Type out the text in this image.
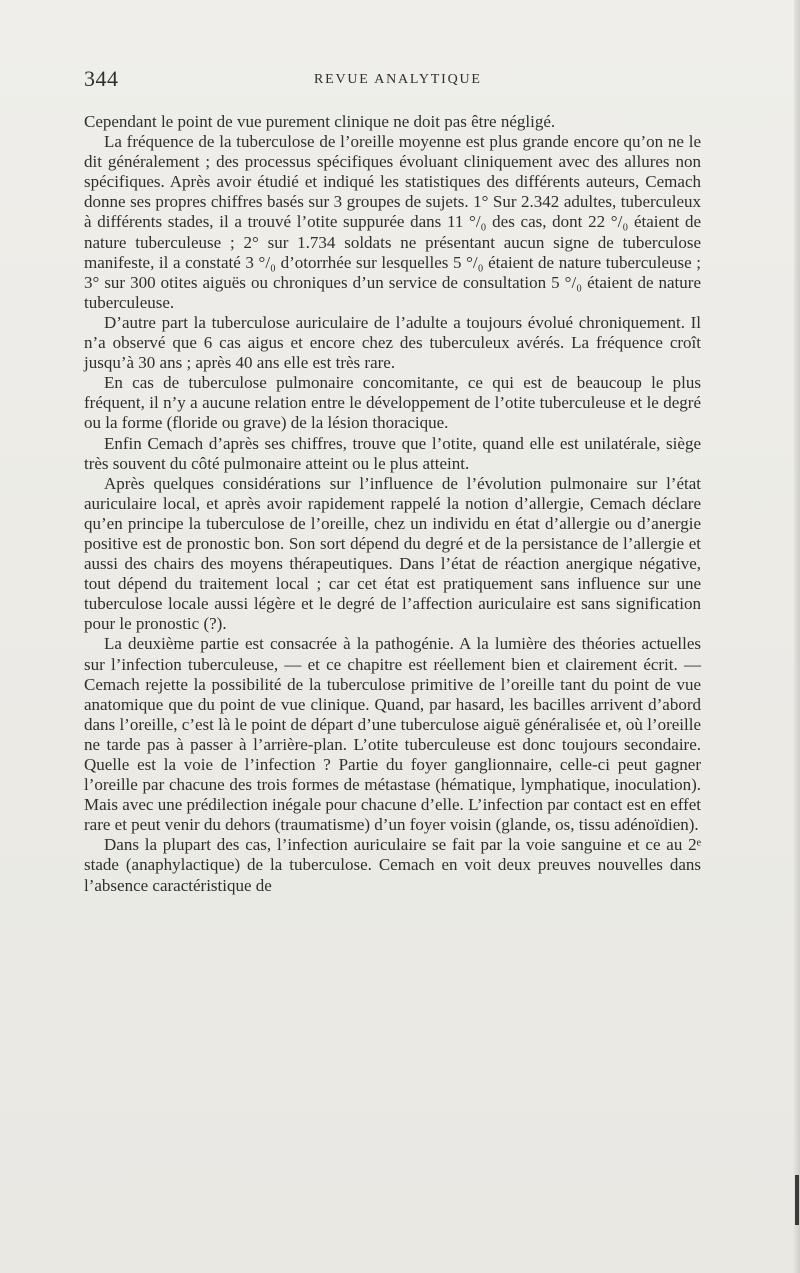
344	REVUE ANALYTIQUE

Cependant le point de vue purement clinique ne doit pas être négligé.

La fréquence de la tuberculose de l’oreille moyenne est plus grande encore qu’on ne le dit généralement ; des processus spécifiques évoluant cliniquement avec des allures non spécifiques. Après avoir étudié et indiqué les statistiques des différents auteurs, Cemach donne ses propres chiffres basés sur 3 groupes de sujets. 1° Sur 2.342 adultes, tuberculeux à différents stades, il a trouvé l’otite suppurée dans 11 °/₀ des cas, dont 22 °/₀ étaient de nature tuberculeuse ; 2° sur 1.734 soldats ne présentant aucun signe de tuberculose manifeste, il a constaté 3 °/₀ d’otorrhée sur lesquelles 5 °/₀ étaient de nature tuberculeuse ; 3° sur 300 otites aiguës ou chroniques d’un service de consultation 5 °/₀ étaient de nature tuberculeuse.

D’autre part la tuberculose auriculaire de l’adulte a toujours évolué chroniquement. Il n’a observé que 6 cas aigus et encore chez des tuberculeux avérés. La fréquence croît jusqu’à 30 ans ; après 40 ans elle est très rare.

En cas de tuberculose pulmonaire concomitante, ce qui est de beaucoup le plus fréquent, il n’y a aucune relation entre le développement de l’otite tuberculeuse et le degré ou la forme (floride ou grave) de la lésion thoracique.

Enfin Cemach d’après ses chiffres, trouve que l’otite, quand elle est unilatérale, siège très souvent du côté pulmonaire atteint ou le plus atteint.

Après quelques considérations sur l’influence de l’évolution pulmonaire sur l’état auriculaire local, et après avoir rapidement rappelé la notion d’allergie, Cemach déclare qu’en principe la tuberculose de l’oreille, chez un individu en état d’allergie ou d’anergie positive est de pronostic bon. Son sort dépend du degré et de la persistance de l’allergie et aussi des chairs des moyens thérapeutiques. Dans l’état de réaction anergique négative, tout dépend du traitement local ; car cet état est pratiquement sans influence sur une tuberculose locale aussi légère et le degré de l’affection auriculaire est sans signification pour le pronostic (?).

La deuxième partie est consacrée à la pathogénie. A la lumière des théories actuelles sur l’infection tuberculeuse, — et ce chapitre est réellement bien et clairement écrit. — Cemach rejette la possibilité de la tuberculose primitive de l’oreille tant du point de vue anatomique que du point de vue clinique. Quand, par hasard, les bacilles arrivent d’abord dans l’oreille, c’est là le point de départ d’une tuberculose aiguë généralisée et, où l’oreille ne tarde pas à passer à l’arrière-plan. L’otite tuberculeuse est donc toujours secondaire. Quelle est la voie de l’infection ? Partie du foyer ganglionnaire, celle-ci peut gagner l’oreille par chacune des trois formes de métastase (hématique, lymphatique, inoculation). Mais avec une prédilection inégale pour chacune d’elle. L’infection par contact est en effet rare et peut venir du dehors (traumatisme) d’un foyer voisin (glande, os, tissu adénoïdien).

Dans la plupart des cas, l’infection auriculaire se fait par la voie sanguine et ce au 2ᵉ stade (anaphylactique) de la tuberculose. Cemach en voit deux preuves nouvelles dans l’absence caractéristique de
